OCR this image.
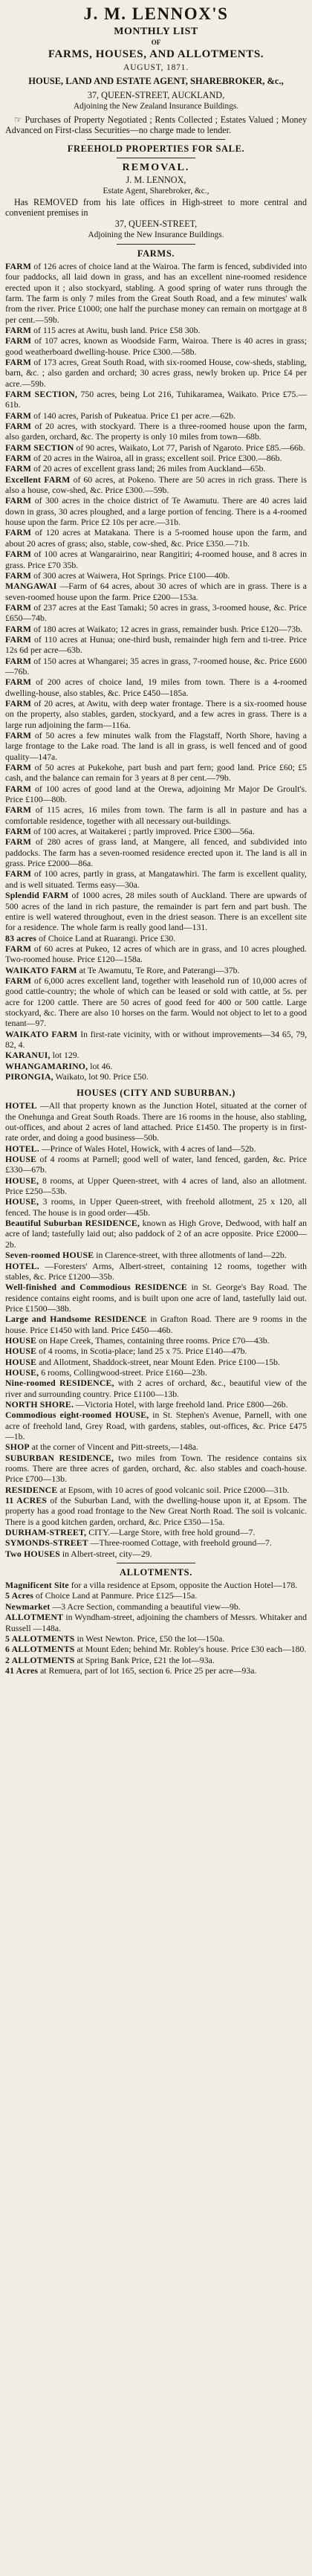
J. M. LENNOX'S
MONTHLY LIST
OF
FARMS, HOUSES, AND ALLOTMENTS.
AUGUST, 1871.
HOUSE, LAND AND ESTATE AGENT, SHAREBROKER, &c.,
37, QUEEN-STREET, AUCKLAND,
Adjoining the New Zealand Insurance Buildings.
☞ Purchases of Property Negotiated ; Rents Collected ; Estates Valued ; Money Advanced on First-class Securities—no charge made to lender.
FREEHOLD PROPERTIES FOR SALE.
REMOVAL.
J. M. LENNOX,
Estate Agent, Sharebroker, &c.,
Has REMOVED from his late offices in High-street to more central and convenient premises in
37, QUEEN-STREET,
Adjoining the New Insurance Buildings.
FARMS.

FARM of 126 acres of choice land at the Wairoa. The farm is fenced, subdivided into four paddocks, all laid down in grass, and has an excellent nine-roomed residence erected upon it ; also stockyard, stabling. A good spring of water runs through the farm. The farm is only 7 miles from the Great South Road, and a few minutes' walk from the river. Price £1000; one half the purchase money can remain on mortgage at 8 per cent.—59b.

FARM of 115 acres at Awitu, bush land. Price £58 30b.

FARM of 107 acres, known as Woodside Farm, Wairoa. There is 40 acres in grass; good weatherboard dwelling-house. Price £300.—58b.

FARM of 173 acres, Great South Road, with six-roomed House, cow-sheds, stabling, barn, &c. ; also garden and orchard; 30 acres grass, newly broken up. Price £4 per acre.—59b.

FARM SECTION, 750 acres, being Lot 216, Tuhikaramea, Waikato. Price £75.—61b.

FARM of 140 acres, Parish of Pukeatua. Price £1 per acre.—62b.

FARM of 20 acres, with stockyard. There is a three-roomed house upon the farm, also garden, orchard, &c. The property is only 10 miles from town—68b.

FARM SECTION of 90 acres, Waikato, Lot 77, Parish of Ngaroto. Price £85.—66b.

FARM of 20 acres in the Wairoa, all in grass; excellent soil. Price £300.—86b.

FARM of 20 acres of excellent grass land; 26 miles from Auckland—65b.

Excellent FARM of 60 acres, at Pokeno. There are 50 acres in rich grass. There is also a house, cow-shed, &c. Price £300.—59b.

FARM of 300 acres in the choice district of Te Awamutu. There are 40 acres laid down in grass, 30 acres ploughed, and a large portion of fencing. There is a 4-roomed house upon the farm. Price £2 10s per acre.—31b.

FARM of 120 acres at Matakana. There is a 5-roomed house upon the farm, and about 20 acres of grass; also, stable, cow-shed, &c. Price £350.—71b.

FARM of 100 acres at Wangarairino, near Rangitiri; 4-roomed house, and 8 acres in grass. Price £70 35b.

FARM of 300 acres at Waiwera, Hot Springs. Price £100—40b.

MANGAWAI —Farm of 64 acres, about 30 acres of which are in grass. There is a seven-roomed house upon the farm. Price £200—153a.

FARM of 237 acres at the East Tamaki; 50 acres in grass, 3-roomed house, &c. Price £650—74b.

FARM of 180 acres at Waikato; 12 acres in grass, remainder bush. Price £120—73b.

FARM of 110 acres at Hunua; one-third bush, remainder high fern and ti-tree. Price 12s 6d per acre—63b.

FARM of 150 acres at Whangarei; 35 acres in grass, 7-roomed house, &c. Price £600—76b.

FARM of 200 acres of choice land, 19 miles from town. There is a 4-roomed dwelling-house, also stables, &c. Price £450—185a.

FARM of 20 acres, at Awitu, with deep water frontage. There is a six-roomed house on the property, also stables, garden, stockyard, and a few acres in grass. There is a large run adjoining the farm—116a.

FARM of 50 acres a few minutes walk from the Flagstaff, North Shore, having a large frontage to the Lake road. The land is all in grass, is well fenced and of good quality—147a.

FARM of 50 acres at Pukekohe, part bush and part fern; good land. Price £60; £5 cash, and the balance can remain for 3 years at 8 per cent.—79b.

FARM of 100 acres of good land at the Orewa, adjoining Mr Major De Groult's. Price £100—80b.

FARM of 115 acres, 16 miles from town. The farm is all in pasture and has a comfortable residence, together with all necessary out-buildings.

FARM of 100 acres, at Waitakerei ; partly improved. Price £300—56a.

FARM of 280 acres of grass land, at Mangere, all fenced, and subdivided into paddocks. The farm has a seven-roomed residence erected upon it. The land is all in grass. Price £2000—86a.

FARM of 100 acres, partly in grass, at Mangatawhiri. The farm is excellent quality, and is well situated. Terms easy—30a.

Splendid FARM of 1000 acres, 28 miles south of Auckland. There are upwards of 500 acres of the land in rich pasture, the remainder is part fern and part bush. The entire is well watered throughout, even in the driest season. There is an excellent site for a residence. The whole farm is really good land—131.

83 acres of Choice Land at Ruarangi. Price £30.

FARM of 60 acres at Pukeo, 12 acres of which are in grass, and 10 acres ploughed. Two-roomed house. Price £120—158a.

WAIKATO FARM at Te Awamutu, Te Rore, and Paterangi—37b.

FARM of 6,000 acres excellent land, together with leasehold run of 10,000 acres of good cattle-country; the whole of which can be leased or sold with cattle, at 5s. per acre for 1200 cattle. There are 50 acres of good feed for 400 or 500 cattle. Large stockyard, &c. There are also 10 horses on the farm. Would not object to let to a good tenant—97.

WAIKATO FARM In first-rate vicinity, with or without improvements—34 65, 79, 82, 4.

KARANUI, lot 129.

WHANGAMARINO, lot 46.

PIRONGIA, Waikato, lot 90. Price £50.

HOUSES (CITY AND SUBURBAN.)

HOTEL —All that property known as the Junction Hotel, situated at the corner of the Onehunga and Great South Roads. There are 16 rooms in the house, also stabling, out-offices, and about 2 acres of land attached. Price £1450. The property is in first-rate order, and doing a good business—50b.

HOTEL. —Prince of Wales Hotel, Howick, with 4 acres of land—52b.

HOUSE of 4 rooms at Parnell; good well of water, land fenced, garden, &c. Price £330—67b.

HOUSE, 8 rooms, at Upper Queen-street, with 4 acres of land, also an allotment. Price £250—53b.

HOUSE, 3 rooms, in Upper Queen-street, with freehold allotment, 25 x 120, all fenced. The house is in good order—45b.

Beautiful Suburban RESIDENCE, known as High Grove, Dedwood, with half an acre of land; tastefully laid out; also paddock of 2 of an acre opposite. Price £2000—2b.

Seven-roomed HOUSE in Clarence-street, with three allotments of land—22b.

HOTEL. —Foresters' Arms, Albert-street, containing 12 rooms, together with stables, &c. Price £1200—35b.

Well-finished and Commodious RESIDENCE in St. George's Bay Road. The residence contains eight rooms, and is built upon one acre of land, tastefully laid out. Price £1500—38b.

Large and Handsome RESIDENCE in Grafton Road. There are 9 rooms in the house. Price £1450 with land. Price £450—46b.

HOUSE on Hape Creek, Thames, containing three rooms. Price £70—43b.

HOUSE of 4 rooms, in Scotia-place; land 25 x 75. Price £140—47b.

HOUSE and Allotment, Shaddock-street, near Mount Eden. Price £100—15b.

HOUSE, 6 rooms, Collingwood-street. Price £160—23b.

Nine-roomed RESIDENCE, with 2 acres of orchard, &c., beautiful view of the river and surrounding country. Price £1100—13b.

NORTH SHORE. —Victoria Hotel, with large freehold land. Price £800—26b.

Commodious eight-roomed HOUSE, in St. Stephen's Avenue, Parnell, with one acre of freehold land, Grey Road, with gardens, stables, out-offices, &c. Price £475 —1b.

SHOP at the corner of Vincent and Pitt-streets,—148a.

SUBURBAN RESIDENCE, two miles from Town. The residence contains six rooms. There are three acres of garden, orchard, &c. also stables and coach-house. Price £700—13b.

RESIDENCE at Epsom, with 10 acres of good volcanic soil. Price £2000—31b.

11 ACRES of the Suburban Land, with the dwelling-house upon it, at Epsom. The property has a good road frontage to the New Great North Road. The soil is volcanic. There is a good kitchen garden, orchard, &c. Price £350—15a.

DURHAM-STREET, CITY.—Large Store, with free hold ground—7.

SYMONDS-STREET —Three-roomed Cottage, with freehold ground—7.

Two HOUSES in Albert-street, city—29.

ALLOTMENTS.

Magnificent Site for a villa residence at Epsom, opposite the Auction Hotel—178.

5 Acres of Choice Land at Panmure. Price £125—15a.

Newmarket —3 Acre Section, commanding a beautiful view—9b.

ALLOTMENT in Wyndham-street, adjoining the chambers of Messrs. Whitaker and Russell —148a.

5 ALLOTMENTS in West Newton. Price, £50 the lot—150a.

6 ALLOTMENTS at Mount Eden; behind Mr. Robley's house. Price £30 each—180.

2 ALLOTMENTS at Spring Bank Price, £21 the lot—93a.

41 Acres at Remuera, part of lot 165, section 6. Price 25 per acre—93a.
